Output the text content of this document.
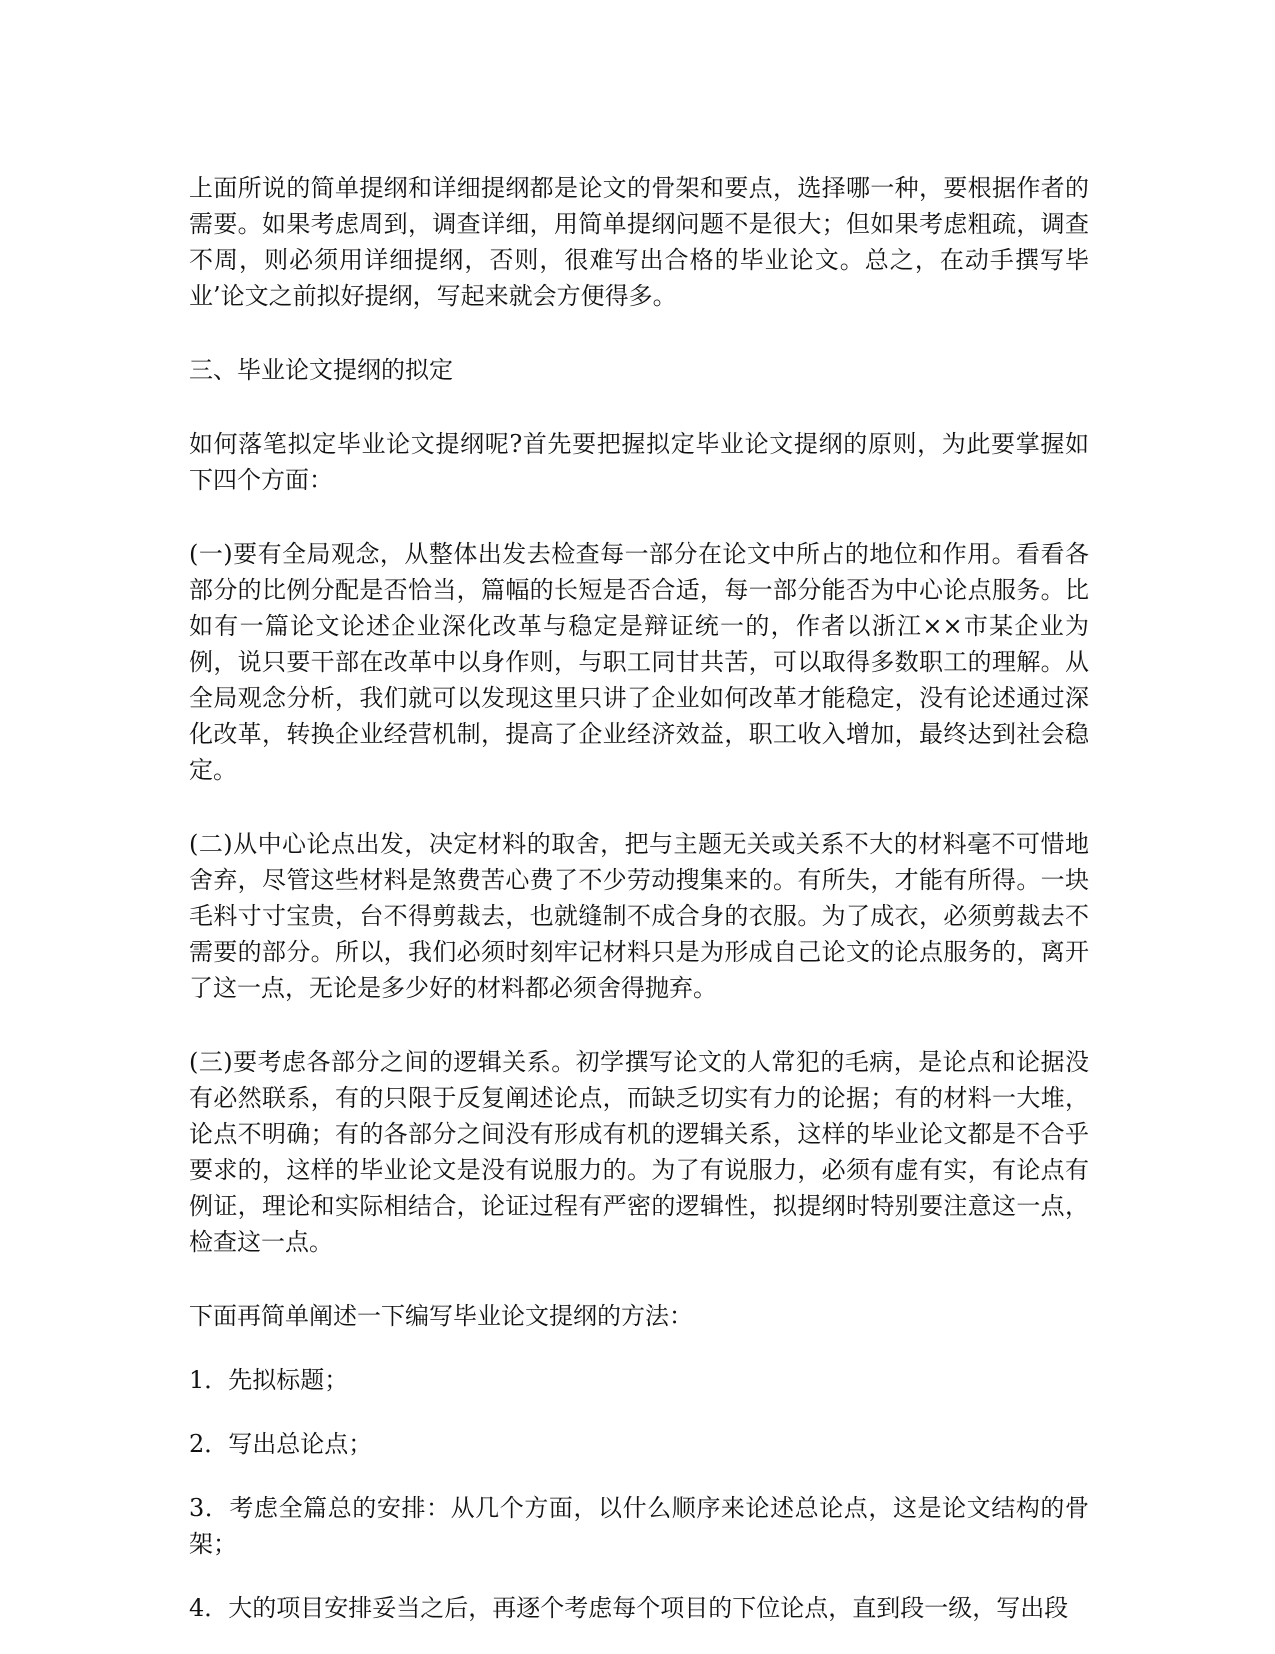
上面所说的简单提纲和详细提纲都是论文的骨架和要点，选择哪一种，要根据作者的需要。如果考虑周到，调查详细，用简单提纲问题不是很大；但如果考虑粗疏，调查不周，则必须用详细提纲，否则，很难写出合格的毕业论文。总之，在动手撰写毕业’论文之前拟好提纲，写起来就会方便得多。

三、毕业论文提纲的拟定

如何落笔拟定毕业论文提纲呢?首先要把握拟定毕业论文提纲的原则，为此要掌握如下四个方面：

(一)要有全局观念，从整体出发去检查每一部分在论文中所占的地位和作用。看看各部分的比例分配是否恰当，篇幅的长短是否合适，每一部分能否为中心论点服务。比如有一篇论文论述企业深化改革与稳定是辩证统一的，作者以浙江××市某企业为例，说只要干部在改革中以身作则，与职工同甘共苦，可以取得多数职工的理解。从全局观念分析，我们就可以发现这里只讲了企业如何改革才能稳定，没有论述通过深化改革，转换企业经营机制，提高了企业经济效益，职工收入增加，最终达到社会稳定。

(二)从中心论点出发，决定材料的取舍，把与主题无关或关系不大的材料毫不可惜地舍弃，尽管这些材料是煞费苦心费了不少劳动搜集来的。有所失，才能有所得。一块毛料寸寸宝贵，台不得剪裁去，也就缝制不成合身的衣服。为了成衣，必须剪裁去不需要的部分。所以，我们必须时刻牢记材料只是为形成自己论文的论点服务的，离开了这一点，无论是多少好的材料都必须舍得抛弃。

(三)要考虑各部分之间的逻辑关系。初学撰写论文的人常犯的毛病，是论点和论据没有必然联系，有的只限于反复阐述论点，而缺乏切实有力的论据；有的材料一大堆，论点不明确；有的各部分之间没有形成有机的逻辑关系，这样的毕业论文都是不合乎要求的，这样的毕业论文是没有说服力的。为了有说服力，必须有虚有实，有论点有例证，理论和实际相结合，论证过程有严密的逻辑性，拟提纲时特别要注意这一点，检查这一点。

下面再简单阐述一下编写毕业论文提纲的方法：

1．先拟标题；

2．写出总论点；

3．考虑全篇总的安排：从几个方面，以什么顺序来论述总论点，这是论文结构的骨架；

4．大的项目安排妥当之后，再逐个考虑每个项目的下位论点，直到段一级，写出段
